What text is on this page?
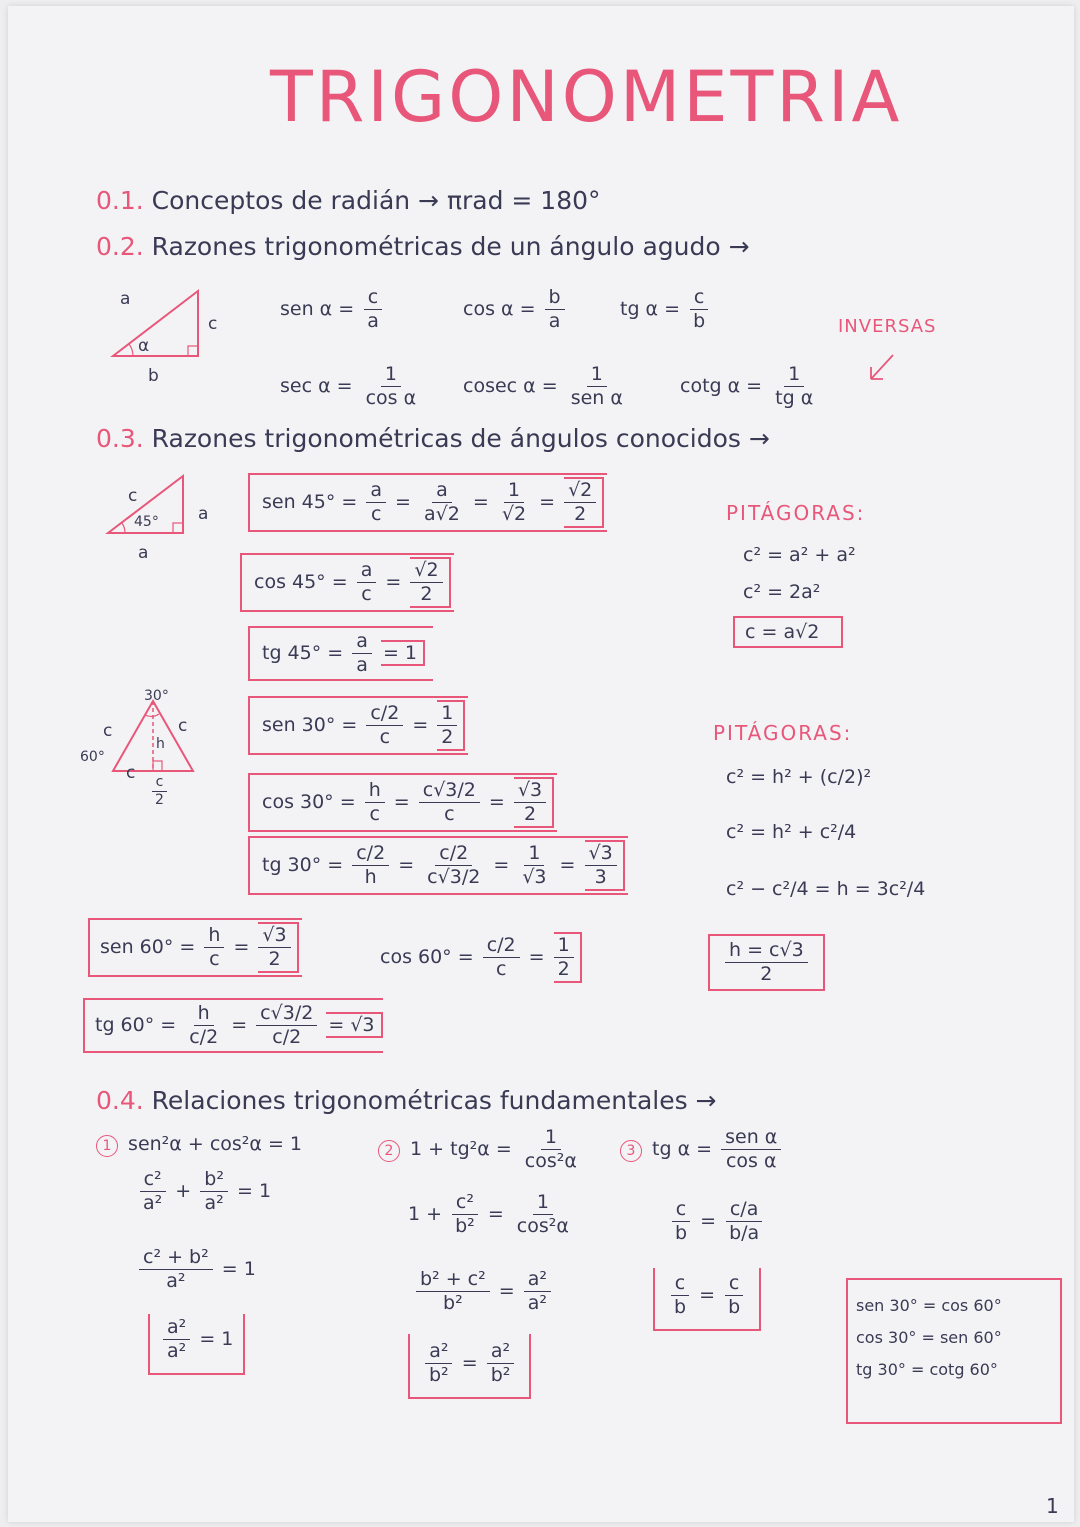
TRIGONOMETRIA
0.1. Conceptos de radián → πrad = 180°
0.2. Razones trigonométricas de un ángulo agudo →
a
α
c
b
sen $\alpha = \frac{c}{a}$	$\cos \alpha = \frac{b}{a}$	tg $\alpha = \frac{c}{b}$	INVERSAS
$\sec \alpha = \frac{1}{\text{cos α}}$ cosec $\alpha = \frac{1}{\text{sen α}}$	cotg $\alpha = \frac{1}{\text{tg α}}$
0.3. Razones trigonométricas de ángulos conocidos →
c
45° a
a
sen $45^\circ = \frac{a}{c} = \frac{a}{a√2} = \frac{1}{√2} = \frac{√2}{2}$
$\cos 45^\circ = \frac{a}{c} = \frac{√2}{2}$
tg $45^\circ = \frac{a}{a} = 1$
PITÁGORAS:
c² = a² + a²
c² = 2a²
c = a√2
30°
60°
c	c
c
h
$\frac{c}{2}$
sen $30^\circ = \frac{c/2}{c} = \frac{1}{2}$
$\cos 30^\circ = \frac{h}{c} = \frac{c√3/2}{c} = \frac{√3}{2}$
tg $30^\circ = \frac{c/2}{h} = \frac{c/2}{c√3/2} = \frac{1}{√3} = \frac{√3}{3}$
PITÁGORAS:
c² = h² + (c/2)²
c² = h² + c²/4
c² − c²/4 = h = 3c²/4
$\frac{h = c√3}{2}$
sen $60^\circ = \frac{h}{c} = \frac{√3}{2}$	$\cos 60^\circ = \frac{c/2}{c} = \frac{1}{2}$
tg $60^\circ = \frac{h}{c/2} = \frac{c√3/2}{c/2} = √3$
0.4. Relaciones trigonométricas fundamentales →
1 sen²α + cos²α = 1	2 $1 + tg^2\alpha = \frac{1}{\text{cos²α}}$	3 tg $\alpha = \frac{\text{sen α}}{\text{cos α}}$
$\frac{\text{c²}}{\text{a²}} + \frac{\text{b²}}{\text{a²}} = 1$
$\frac{\text{c² + b²}}{\text{a²}} = 1$
$\frac{\text{a²}}{\text{a²}} = 1$
$1 + \frac{\text{c²}}{\text{b²}} = \frac{1}{\text{cos²α}}$
$\frac{\text{b² + c²}}{\text{b²}} = \frac{\text{a²}}{\text{a²}}$
$\frac{\text{a²}}{\text{b²}} = \frac{\text{a²}}{\text{b²}}$
$\frac{c}{b} = \frac{c/a}{b/a}$
$\frac{c}{b} = \frac{c}{b}$	sen 30° = cos 60°
cos 30° = sen 60°
tg 30° = cotg 60°
1
